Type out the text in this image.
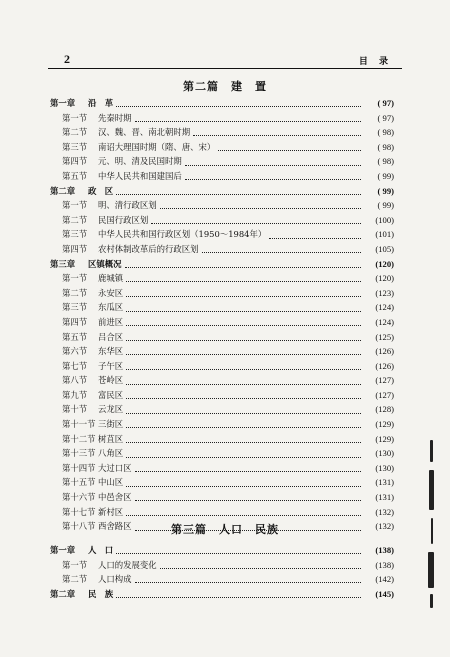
2	目 录
第二篇　建　置
第一章	沿　革	( 97)
第一节	先秦时期	( 97)
第二节	汉、魏、晋、南北朝时期	( 98)
第三节	南诏大理国时期（隋、唐、宋）	( 98)
第四节	元、明、清及民国时期	( 98)
第五节	中华人民共和国建国后	( 99)
第二章	政　区	( 99)
第一节	明、清行政区划	( 99)
第二节	民国行政区划	(100)
第三节	中华人民共和国行政区划（1950～1984年）	(101)
第四节	农村体制改革后的行政区划	(105)
第三章	区镇概况	(120)
第一节	鹿城镇	(120)
第二节	永安区	(123)
第三节	东瓜区	(124)
第四节	前进区	(124)
第五节	吕合区	(125)
第六节	东华区	(126)
第七节	子午区	(126)
第八节	苍岭区	(127)
第九节	富民区	(127)
第十节	云龙区	(128)
第十一节 三街区	(129)
第十二节 树苴区	(129)
第十三节 八角区	(130)
第十四节 大过口区	(130)
第十五节 中山区	(131)
第十六节 中邑舍区	(131)
第十七节 新村区	(132)
第十八节 西舍路区	(132)
第三篇　人口　民族
第一章	人　口	(138)
第一节	人口的发展变化	(138)
第二节	人口构成	(142)
第二章	民　族	(145)
